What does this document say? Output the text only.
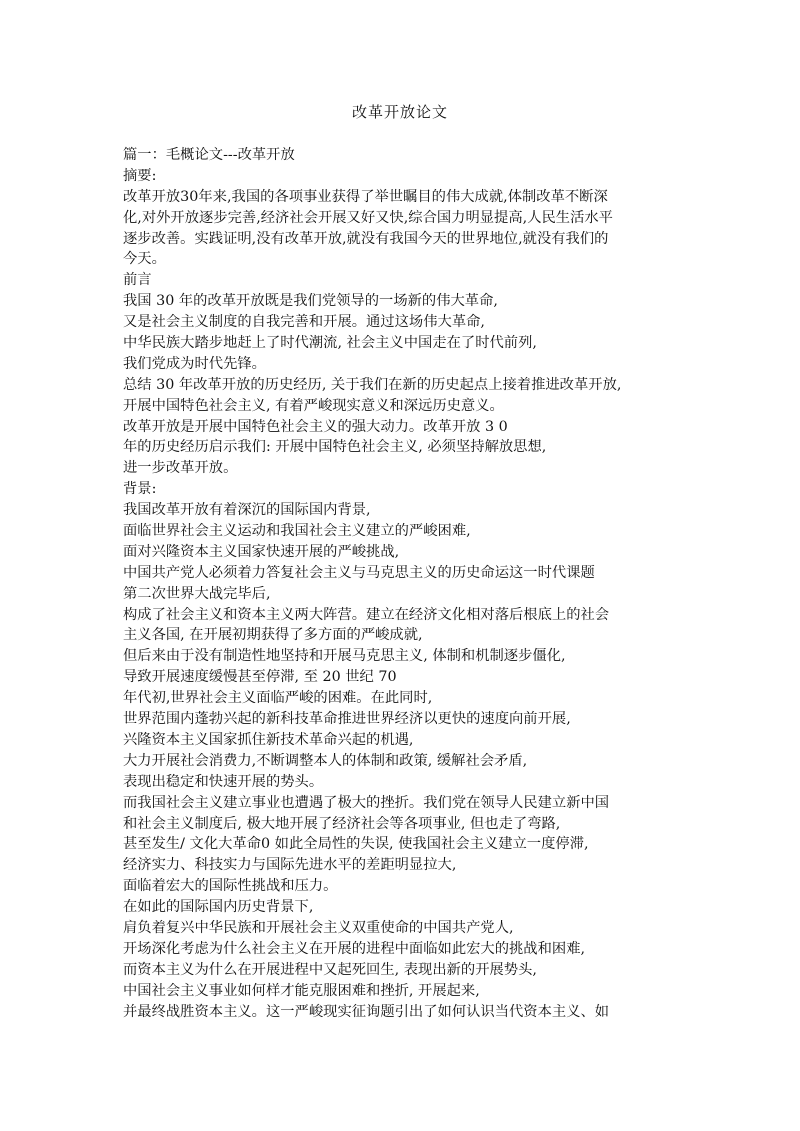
改革开放论文
篇一：毛概论文---改革开放
摘要:
改革开放30年来,我国的各项事业获得了举世瞩目的伟大成就,体制改革不断深
化,对外开放逐步完善,经济社会开展又好又快,综合国力明显提高,人民生活水平
逐步改善。实践证明,没有改革开放,就没有我国今天的世界地位,就没有我们的
今天。
前言
我国 30 年的改革开放既是我们党领导的一场新的伟大革命,
又是社会主义制度的自我完善和开展。通过这场伟大革命,
中华民族大踏步地赶上了时代潮流, 社会主义中国走在了时代前列,
我们党成为时代先锋。
总结 30 年改革开放的历史经历, 关于我们在新的历史起点上接着推进改革开放,
开展中国特色社会主义, 有着严峻现实意义和深远历史意义。
改革开放是开展中国特色社会主义的强大动力。改革开放 3 0
年的历史经历启示我们: 开展中国特色社会主义, 必须坚持解放思想,
进一步改革开放。
背景:
我国改革开放有着深沉的国际国内背景,
面临世界社会主义运动和我国社会主义建立的严峻困难,
面对兴隆资本主义国家快速开展的严峻挑战,
中国共产党人必须着力答复社会主义与马克思主义的历史命运这一时代课题
第二次世界大战完毕后,
构成了社会主义和资本主义两大阵营。建立在经济文化相对落后根底上的社会
主义各国, 在开展初期获得了多方面的严峻成就,
但后来由于没有制造性地坚持和开展马克思主义, 体制和机制逐步僵化,
导致开展速度缓慢甚至停滞, 至 20 世纪 70
年代初,世界社会主义面临严峻的困难。在此同时,
世界范围内蓬勃兴起的新科技革命推进世界经济以更快的速度向前开展,
兴隆资本主义国家抓住新技术革命兴起的机遇,
大力开展社会消费力,不断调整本人的体制和政策, 缓解社会矛盾,
表现出稳定和快速开展的势头。
而我国社会主义建立事业也遭遇了极大的挫折。我们党在领导人民建立新中国
和社会主义制度后, 极大地开展了经济社会等各项事业, 但也走了弯路,
甚至发生/ 文化大革命0 如此全局性的失误, 使我国社会主义建立一度停滞,
经济实力、科技实力与国际先进水平的差距明显拉大,
面临着宏大的国际性挑战和压力。
在如此的国际国内历史背景下,
肩负着复兴中华民族和开展社会主义双重使命的中国共产党人,
开场深化考虑为什么社会主义在开展的进程中面临如此宏大的挑战和困难,
而资本主义为什么在开展进程中又起死回生, 表现出新的开展势头,
中国社会主义事业如何样才能克服困难和挫折, 开展起来,
并最终战胜资本主义。这一严峻现实征询题引出了如何认识当代资本主义、如
